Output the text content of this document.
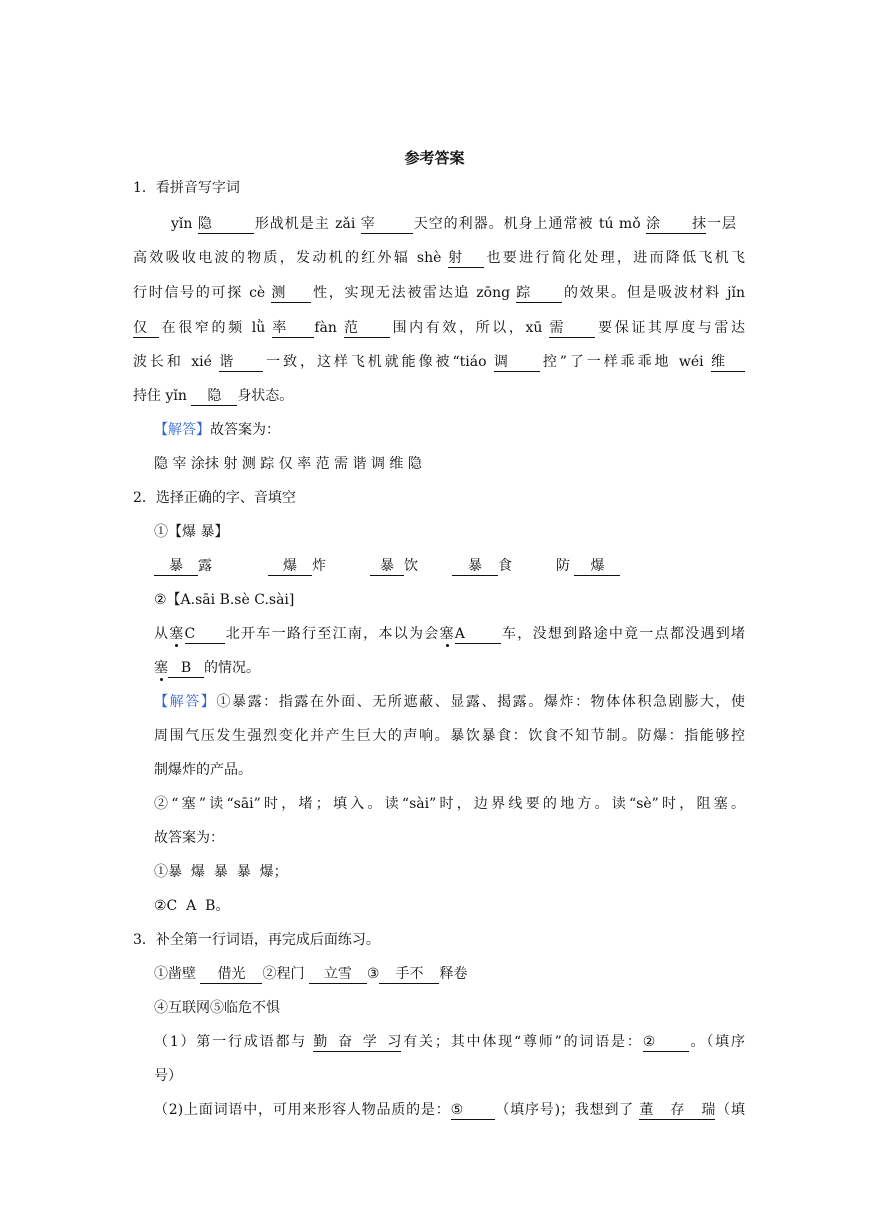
参考答案
1．看拼音写字词
yǐn 隐	形战机是主 zǎi 宰	天空的利器。机身上通常被 tú mǒ 涂抹一层
高效吸收电波的物质，发动机的红外辐 shè 射 也要进行简化处理，进而降低飞机飞
行时信号的可探 cè 测 性，实现无法被雷达追 zōng 踪 的效果。但是吸波材料 jǐn
仅 在很窄的频 lǜ 率 fàn 范 围内有效，所以，xū 需 要保证其厚度与雷达
波长和 xié 谐 一致，这样飞机就能像被“tiáo 调 控”了一样乖乖地 wéi 维
持住 yǐn 隐 身状态。
【解答】故答案为：
隐 宰 涂抹 射 测 踪 仅 率 范 需 谐 调 维 隐
2．选择正确的字、音填空
①【爆 暴】
暴 露	爆 炸	暴 饮	暴 食	防 爆
②【A.sāi B.sè C.sài]
从塞C 北开车一路行至江南，本以为会塞A	车，没想到路途中竟一点都没遇到堵
塞 B 的情况。
【解答】①暴露：指露在外面、无所遮蔽、显露、揭露。爆炸：物体体积急剧膨大，使
周围气压发生强烈变化并产生巨大的声响。暴饮暴食：饮食不知节制。防爆：指能够控
制爆炸的产品。
②“塞”读“sāi”时，堵；填入。读“sài”时，边界线要的地方。读“sè”时，阻塞。
故答案为：
①暴  爆  暴  暴  爆；
②C  A  B。
3．补全第一行词语，再完成后面练习。
①凿壁 借光 ②程门 立雪 ③ 手不 释卷
④互联网⑤临危不惧
（1）第一行成语都与 勤奋学习有关；其中体现“尊师”的词语是：② 。（填序
号）
（2)上面词语中，可用来形容人物品质的是：⑤ （填序号)；我想到了 董存瑞（填
